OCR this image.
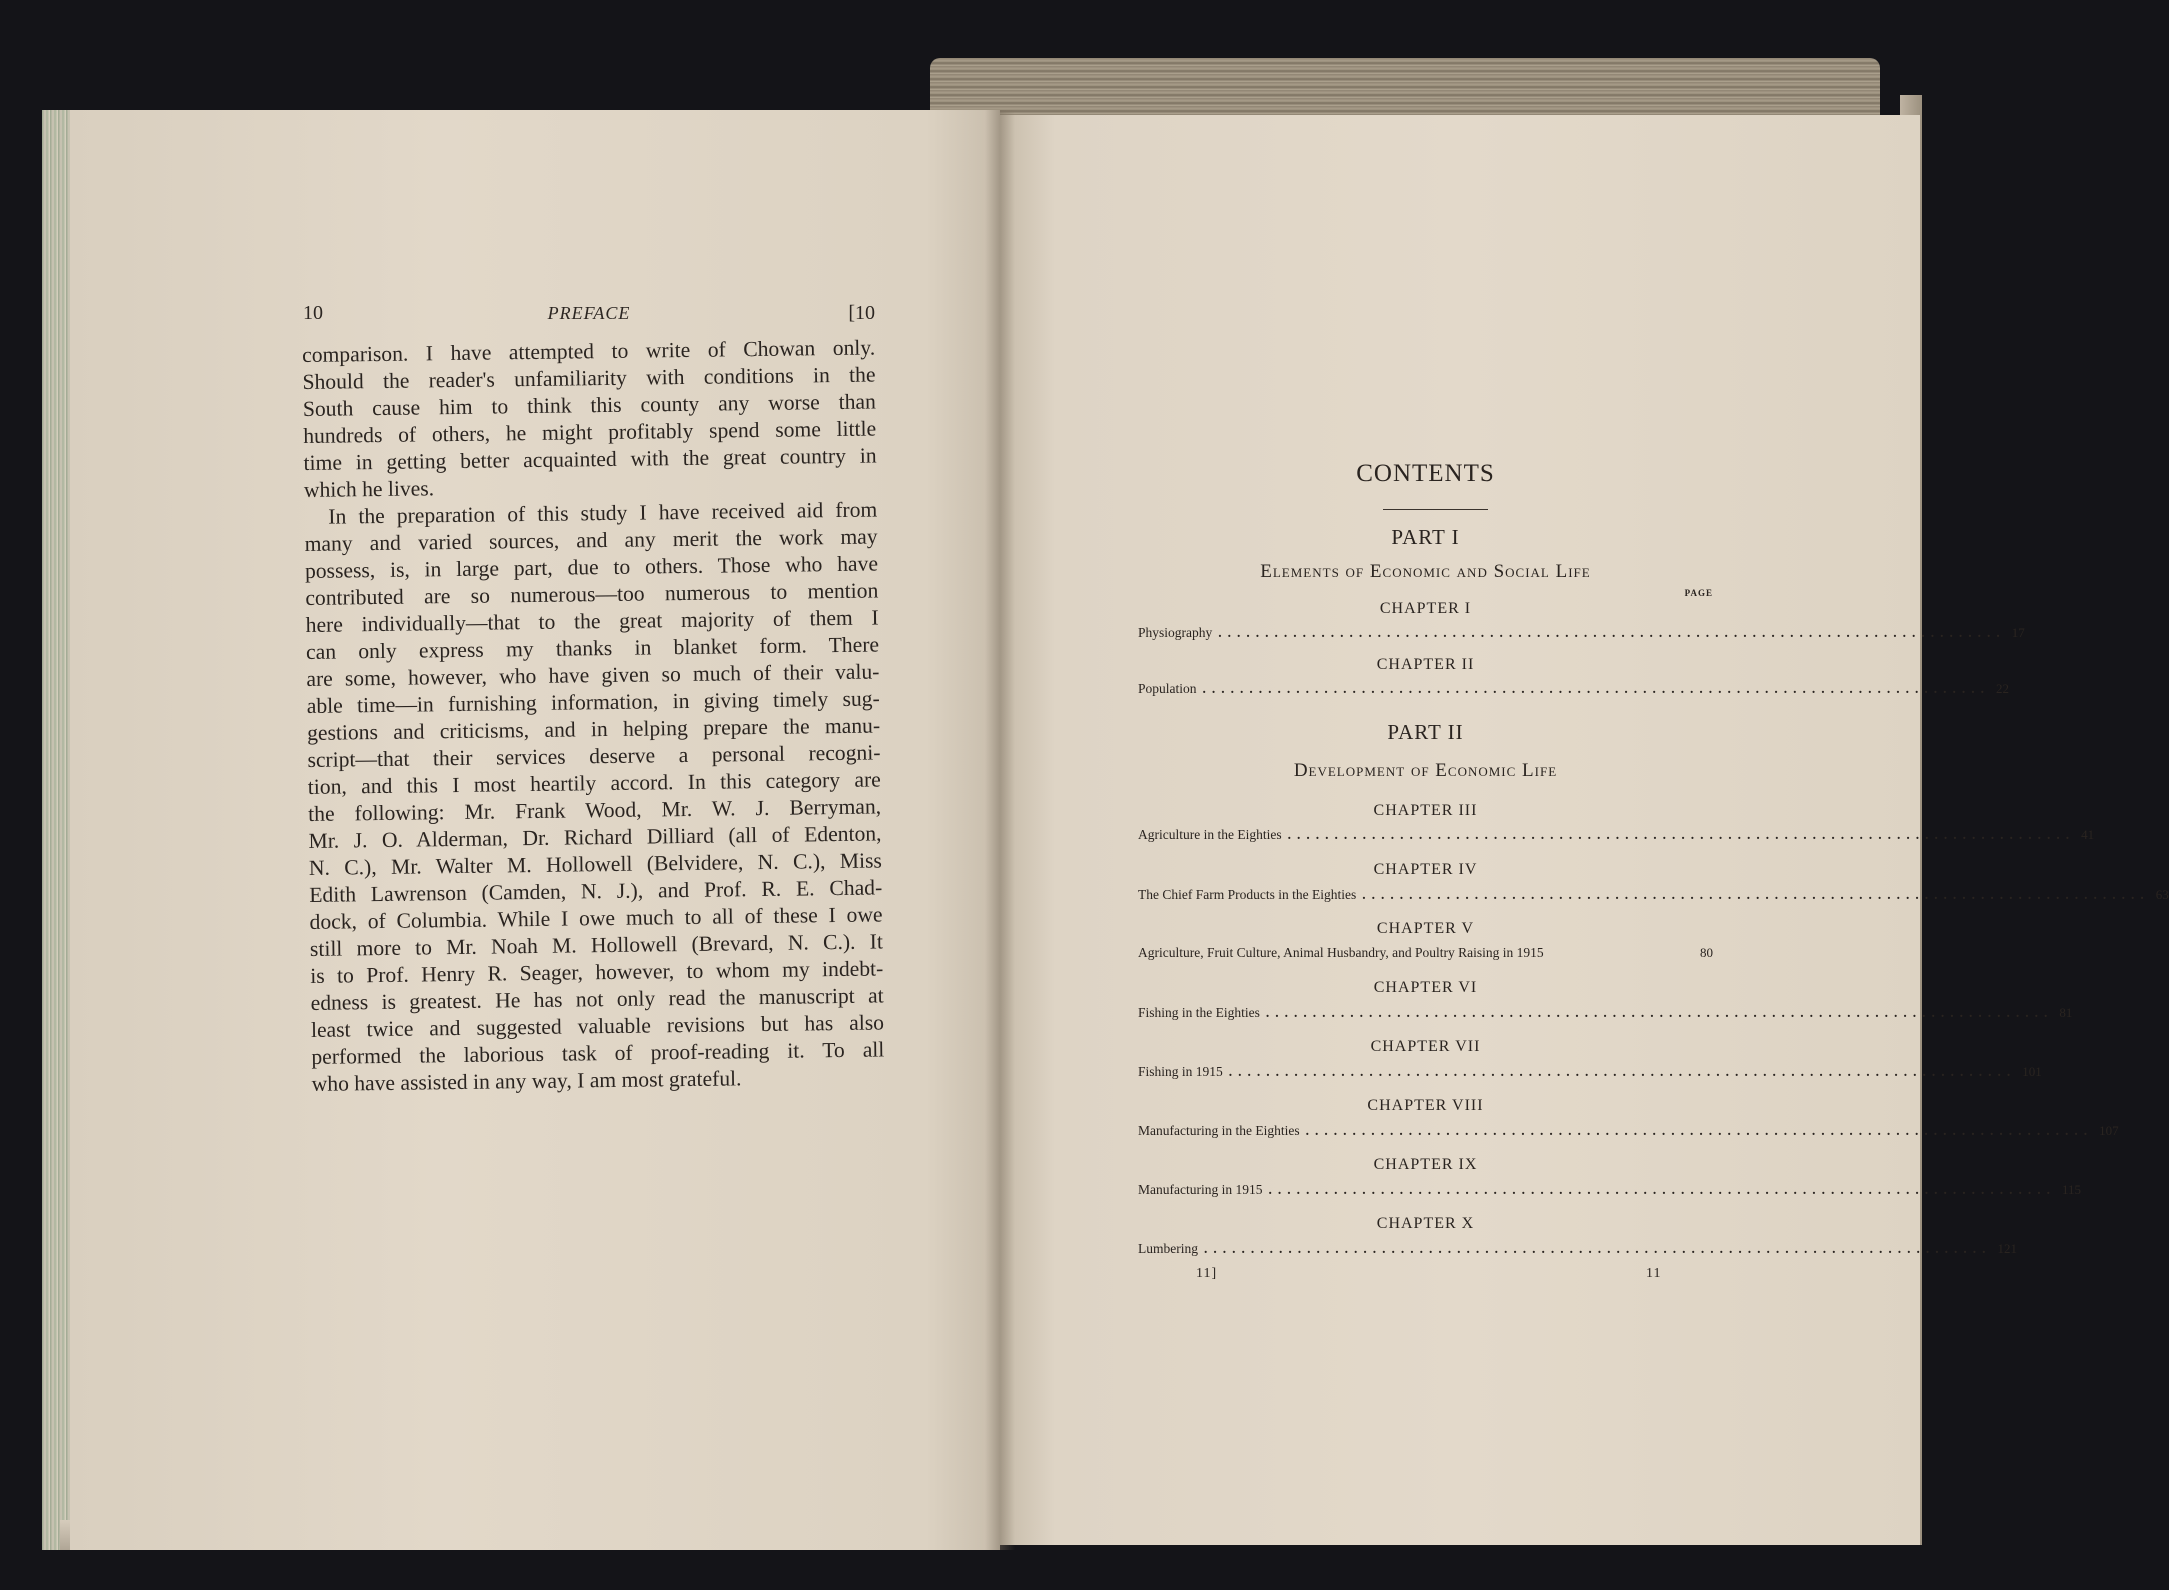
10	PREFACE	[10
comparison. I have attempted to write of Chowan only.
Should the reader's unfamiliarity with conditions in the
South cause him to think this county any worse than
hundreds of others, he might profitably spend some little
time in getting better acquainted with the great country in
which he lives.
In the preparation of this study I have received aid from
many and varied sources, and any merit the work may
possess, is, in large part, due to others. Those who have
contributed are so numerous—too numerous to mention
here individually—that to the great majority of them I
can only express my thanks in blanket form. There
are some, however, who have given so much of their valu-
able time—in furnishing information, in giving timely sug-
gestions and criticisms, and in helping prepare the manu-
script—that their services deserve a personal recogni-
tion, and this I most heartily accord. In this category are
the following: Mr. Frank Wood, Mr. W. J. Berryman,
Mr. J. O. Alderman, Dr. Richard Dilliard (all of Edenton,
N. C.), Mr. Walter M. Hollowell (Belvidere, N. C.), Miss
Edith Lawrenson (Camden, N. J.), and Prof. R. E. Chad-
dock, of Columbia. While I owe much to all of these I owe
still more to Mr. Noah M. Hollowell (Brevard, N. C.). It
is to Prof. Henry R. Seager, however, to whom my indebt-
edness is greatest. He has not only read the manuscript at
least twice and suggested valuable revisions but has also
performed the laborious task of proof-reading it. To all
who have assisted in any way, I am most grateful.
CONTENTS
PART I
Elements of Economic and Social Life
PAGE
CHAPTER I
Physiography .................................................................................... 17
CHAPTER II
Population .................................................................................... 22
PART II
Development of Economic Life
CHAPTER III
Agriculture in the Eighties .................................................................................... 41
CHAPTER IV
The Chief Farm Products in the Eighties .................................................................................... 63
CHAPTER V
Agriculture, Fruit Culture, Animal Husbandry, and Poultry Raising in 1915	80
CHAPTER VI
Fishing in the Eighties .................................................................................... 81
CHAPTER VII
Fishing in 1915 .................................................................................... 101
CHAPTER VIII
Manufacturing in the Eighties .................................................................................... 107
CHAPTER IX
Manufacturing in 1915 .................................................................................... 115
CHAPTER X
Lumbering .................................................................................... 121
11]	11
